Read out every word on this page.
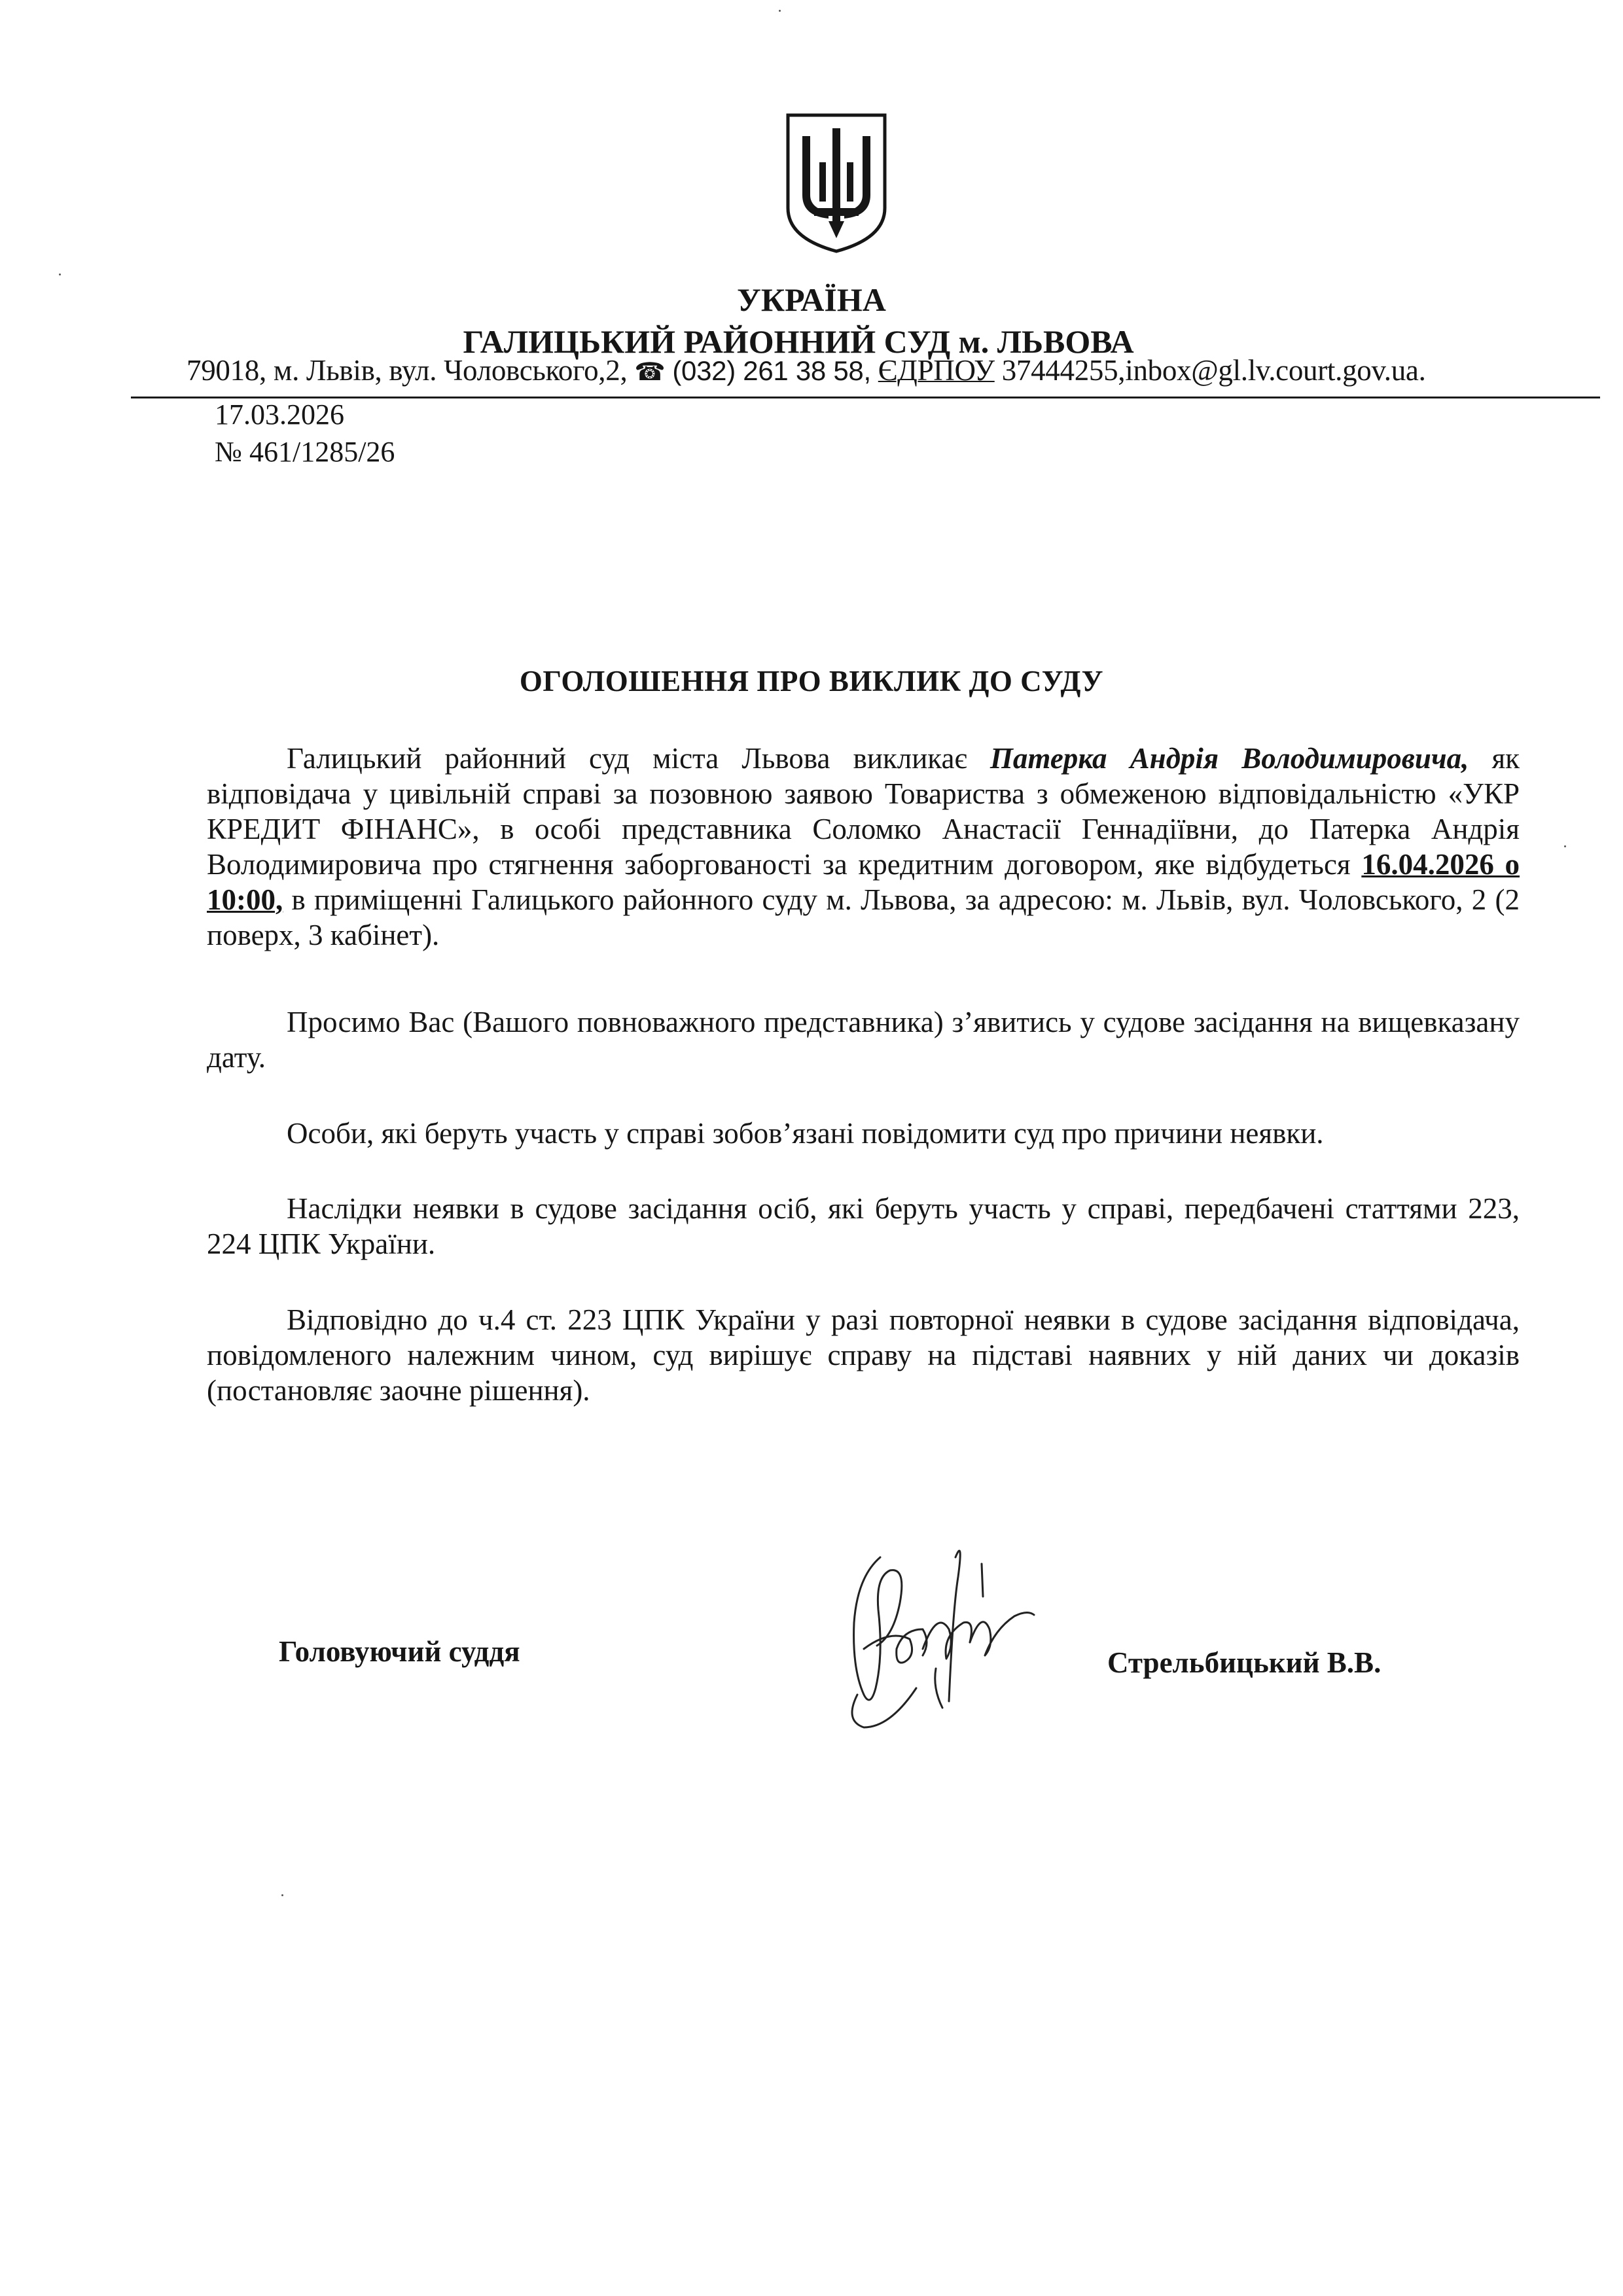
УКРАЇНА
ГАЛИЦЬКИЙ РАЙОННИЙ СУД м. ЛЬВОВА
79018, м. Львів, вул. Чоловського,2, ☎ (032) 261 38 58, ЄДРПОУ 37444255,inbox@gl.lv.court.gov.ua.
17.03.2026
№ 461/1285/26
ОГОЛОШЕННЯ ПРО ВИКЛИК ДО СУДУ
Галицький районний суд міста Львова викликає Патерка Андрія Володимировича, як відповідача у цивільній справі за позовною заявою Товариства з обмеженою відповідальністю «УКР КРЕДИТ ФІНАНС», в особі представника Соломко Анастасії Геннадіївни, до Патерка Андрія Володимировича про стягнення заборгованості за кредитним договором, яке відбудеться 16.04.2026 о 10:00, в приміщенні Галицького районного суду м. Львова, за адресою: м. Львів, вул. Чоловського, 2 (2 поверх, 3 кабінет).
Просимо Вас (Вашого повноважного представника) з’явитись у судове засідання на вищевказану дату.
Особи, які беруть участь у справі зобов’язані повідомити суд про причини неявки.
Наслідки неявки в судове засідання осіб, які беруть участь у справі, передбачені статтями 223, 224 ЦПК України.
Відповідно до ч.4 ст. 223 ЦПК України у разі повторної неявки в судове засідання відповідача, повідомленого належним чином, суд вирішує справу на підставі наявних у ній даних чи доказів (постановляє заочне рішення).
Головуючий суддя	Стрельбицький В.В.
